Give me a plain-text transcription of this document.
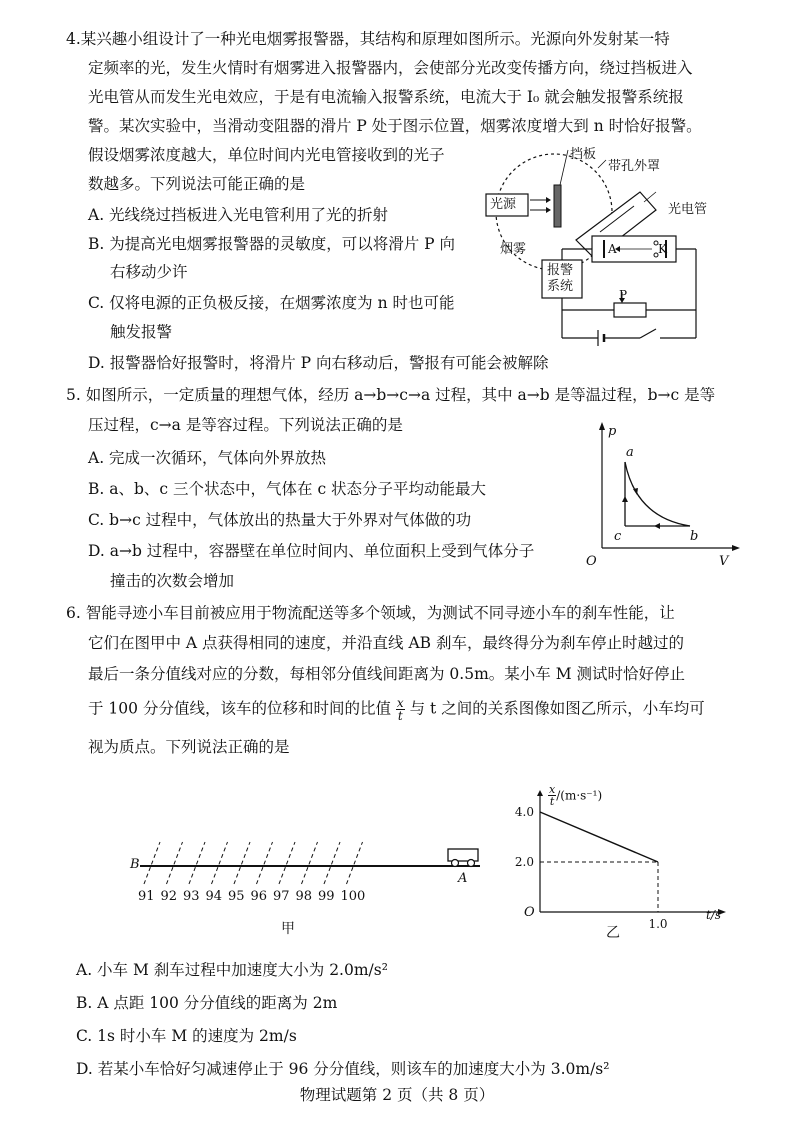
4.某兴趣小组设计了一种光电烟雾报警器，其结构和原理如图所示。光源向外发射某一特
定频率的光，发生火情时有烟雾进入报警器内，会使部分光改变传播方向，绕过挡板进入
光电管从而发生光电效应，于是有电流输入报警系统，电流大于 I₀ 就会触发报警系统报
警。某次实验中，当滑动变阻器的滑片 P 处于图示位置，烟雾浓度增大到 n 时恰好报警。
假设烟雾浓度越大，单位时间内光电管接收到的光子
数越多。下列说法可能正确的是
A. 光线绕过挡板进入光电管利用了光的折射
B. 为提高光电烟雾报警器的灵敏度，可以将滑片 P 向
右移动少许
C. 仅将电源的正负极反接，在烟雾浓度为 n 时也可能
触发报警
D. 报警器恰好报警时，将滑片 P 向右移动后，警报有可能会被解除
挡板
带孔外罩
光源	光电管
烟雾
报警
系统
A	K
P
5. 如图所示，一定质量的理想气体，经历 a→b→c→a 过程，其中 a→b 是等温过程，b→c 是等
压过程，c→a 是等容过程。下列说法正确的是
A. 完成一次循环，气体向外界放热
B. a、b、c 三个状态中，气体在 c 状态分子平均动能最大
C. b→c 过程中，气体放出的热量大于外界对气体做的功
D. a→b 过程中，容器壁在单位时间内、单位面积上受到气体分子
撞击的次数会增加
p
V
O
a
b
c
6. 智能寻迹小车目前被应用于物流配送等多个领域，为测试不同寻迹小车的刹车性能，让
它们在图甲中 A 点获得相同的速度，并沿直线 AB 刹车，最终得分为刹车停止时越过的
最后一条分值线对应的分数，每相邻分值线间距离为 0.5m。某小车 M 测试时恰好停止
于 100 分分值线，该车的位移和时间的比值 $\frac{x}{t}$ 与 t 之间的关系图像如图乙所示，小车均可
视为质点。下列说法正确的是
B
A
91 92 93 94 95 96 97 98 99 100
甲
4.0
2.0
1.0
$\frac{x}{t} /(m\cdot s^{-1})$
t/s
O
乙
A. 小车 M 刹车过程中加速度大小为 2.0m/s²
B. A 点距 100 分分值线的距离为 2m
C. 1s 时小车 M 的速度为 2m/s
D. 若某小车恰好匀减速停止于 96 分分值线，则该车的加速度大小为 3.0m/s²
物理试题第 2 页（共 8 页）
